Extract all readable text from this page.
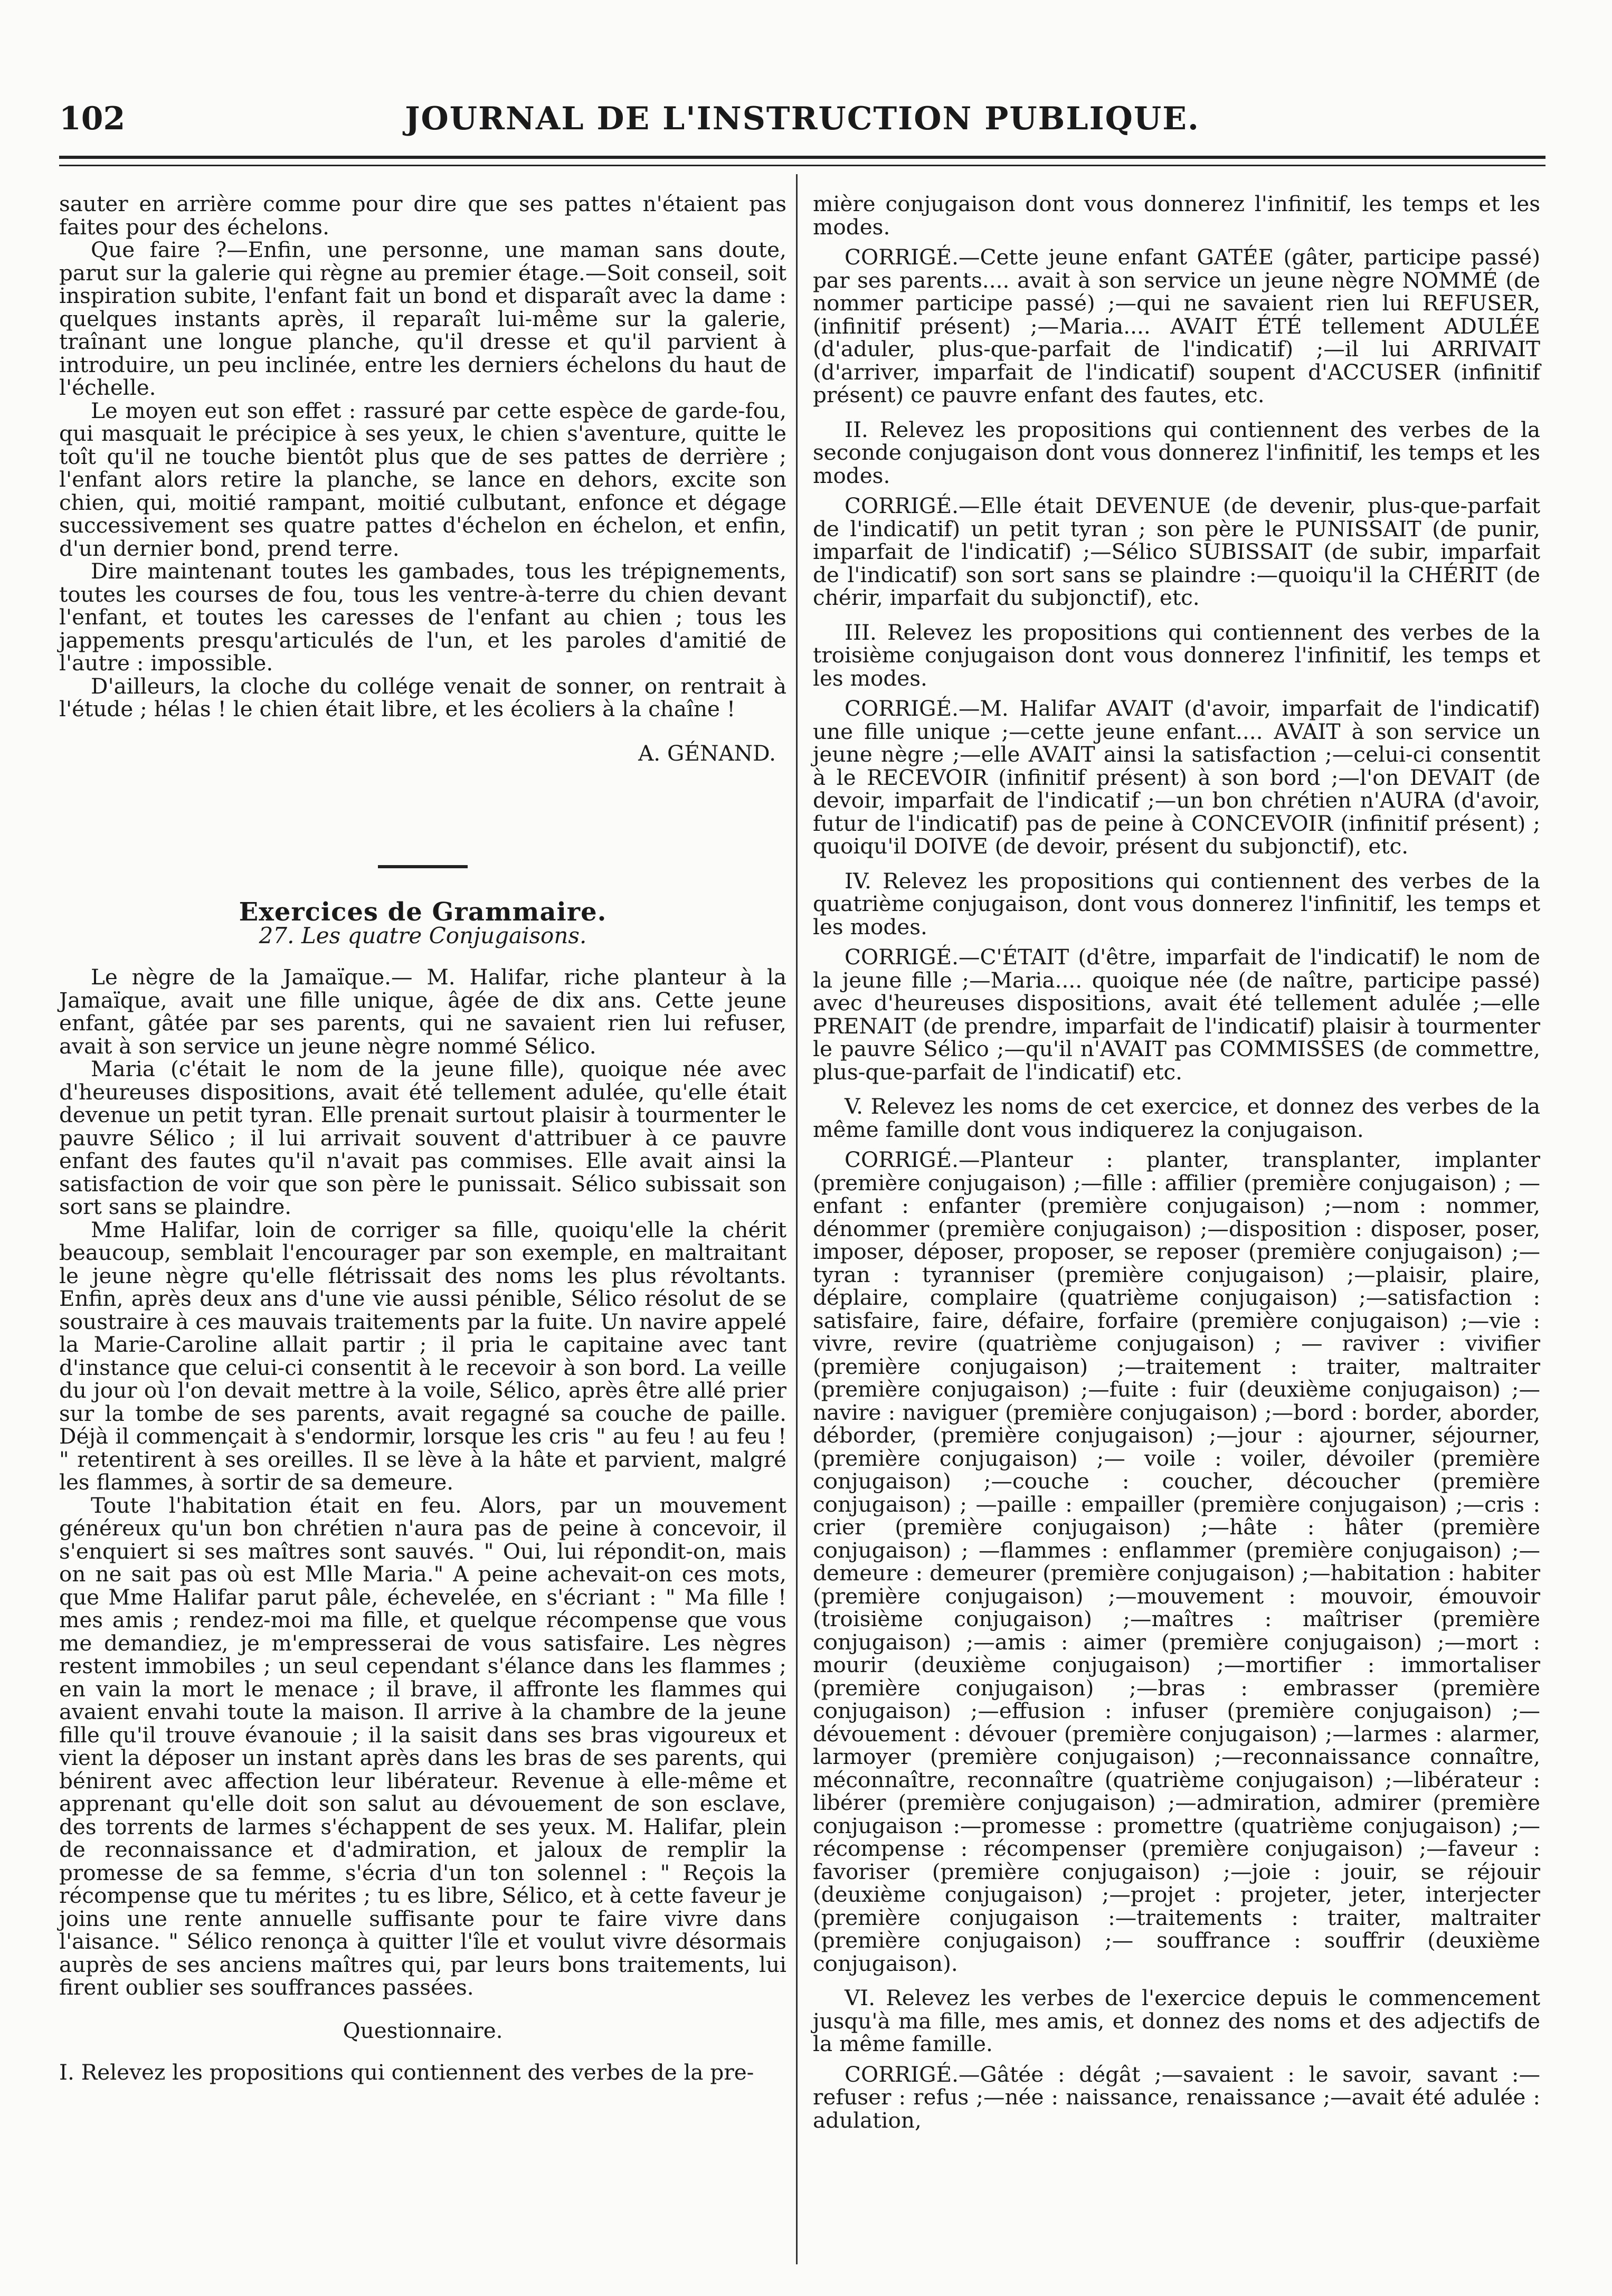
102	JOURNAL DE L'INSTRUCTION PUBLIQUE.

sauter en arrière comme pour dire que ses pattes n'étaient pas faites pour des échelons.

Que faire ?—Enfin, une personne, une maman sans doute, parut sur la galerie qui règne au premier étage.—Soit conseil, soit inspiration subite, l'enfant fait un bond et disparaît avec la dame : quelques instants après, il reparaît lui-même sur la galerie, traînant une longue planche, qu'il dresse et qu'il parvient à introduire, un peu inclinée, entre les derniers échelons du haut de l'échelle.

Le moyen eut son effet : rassuré par cette espèce de garde-fou, qui masquait le précipice à ses yeux, le chien s'aventure, quitte le toît qu'il ne touche bientôt plus que de ses pattes de derrière ; l'enfant alors retire la planche, se lance en dehors, excite son chien, qui, moitié rampant, moitié culbutant, enfonce et dégage successivement ses quatre pattes d'échelon en échelon, et enfin, d'un dernier bond, prend terre.

Dire maintenant toutes les gambades, tous les trépignements, toutes les courses de fou, tous les ventre-à-terre du chien devant l'enfant, et toutes les caresses de l'enfant au chien ; tous les jappements presqu'articulés de l'un, et les paroles d'amitié de l'autre : impossible.

D'ailleurs, la cloche du collége venait de sonner, on rentrait à l'étude ; hélas ! le chien était libre, et les écoliers à la chaîne !

A. GÉNAND.

Exercices de Grammaire.

27. Les quatre Conjugaisons.

Le nègre de la Jamaïque.— M. Halifar, riche planteur à la Jamaïque, avait une fille unique, âgée de dix ans. Cette jeune enfant, gâtée par ses parents, qui ne savaient rien lui refuser, avait à son service un jeune nègre nommé Sélico.

Maria (c'était le nom de la jeune fille), quoique née avec d'heureuses dispositions, avait été tellement adulée, qu'elle était devenue un petit tyran. Elle prenait surtout plaisir à tourmenter le pauvre Sélico ; il lui arrivait souvent d'attribuer à ce pauvre enfant des fautes qu'il n'avait pas commises. Elle avait ainsi la satisfaction de voir que son père le punissait. Sélico subissait son sort sans se plaindre.

Mme Halifar, loin de corriger sa fille, quoiqu'elle la chérit beaucoup, semblait l'encourager par son exemple, en maltraitant le jeune nègre qu'elle flétrissait des noms les plus révoltants. Enfin, après deux ans d'une vie aussi pénible, Sélico résolut de se soustraire à ces mauvais traitements par la fuite. Un navire appelé la Marie-Caroline allait partir ; il pria le capitaine avec tant d'instance que celui-ci consentit à le recevoir à son bord. La veille du jour où l'on devait mettre à la voile, Sélico, après être allé prier sur la tombe de ses parents, avait regagné sa couche de paille. Déjà il commençait à s'endormir, lorsque les cris " au feu ! au feu ! " retentirent à ses oreilles. Il se lève à la hâte et parvient, malgré les flammes, à sortir de sa demeure.

Toute l'habitation était en feu. Alors, par un mouvement généreux qu'un bon chrétien n'aura pas de peine à concevoir, il s'enquiert si ses maîtres sont sauvés. " Oui, lui répondit-on, mais on ne sait pas où est Mlle Maria." A peine achevait-on ces mots, que Mme Halifar parut pâle, échevelée, en s'écriant : " Ma fille ! mes amis ; rendez-moi ma fille, et quelque récompense que vous me demandiez, je m'empresserai de vous satisfaire. Les nègres restent immobiles ; un seul cependant s'élance dans les flammes ; en vain la mort le menace ; il brave, il affronte les flammes qui avaient envahi toute la maison. Il arrive à la chambre de la jeune fille qu'il trouve évanouie ; il la saisit dans ses bras vigoureux et vient la déposer un instant après dans les bras de ses parents, qui bénirent avec affection leur libérateur. Revenue à elle-même et apprenant qu'elle doit son salut au dévouement de son esclave, des torrents de larmes s'échappent de ses yeux. M. Halifar, plein de reconnaissance et d'admiration, et jaloux de remplir la promesse de sa femme, s'écria d'un ton solennel : " Reçois la récompense que tu mérites ; tu es libre, Sélico, et à cette faveur je joins une rente annuelle suffisante pour te faire vivre dans l'aisance. " Sélico renonça à quitter l'île et voulut vivre désormais auprès de ses anciens maîtres qui, par leurs bons traitements, lui firent oublier ses souffrances passées.

Questionnaire.

I. Relevez les propositions qui contiennent des verbes de la pre-

mière conjugaison dont vous donnerez l'infinitif, les temps et les modes.

CORRIGÉ.—Cette jeune enfant GATÉE (gâter, participe passé) par ses parents.... avait à son service un jeune nègre NOMMÉ (de nommer participe passé) ;—qui ne savaient rien lui REFUSER, (infinitif présent) ;—Maria.... AVAIT ÉTÉ tellement ADULÉE (d'aduler, plus-que-parfait de l'indicatif) ;—il lui ARRIVAIT (d'arriver, imparfait de l'indicatif) soupent d'ACCUSER (infinitif présent) ce pauvre enfant des fautes, etc.

II. Relevez les propositions qui contiennent des verbes de la seconde conjugaison dont vous donnerez l'infinitif, les temps et les modes.

CORRIGÉ.—Elle était DEVENUE (de devenir, plus-que-parfait de l'indicatif) un petit tyran ; son père le PUNISSAIT (de punir, imparfait de l'indicatif) ;—Sélico SUBISSAIT (de subir, imparfait de l'indicatif) son sort sans se plaindre :—quoiqu'il la CHÉRIT (de chérir, imparfait du subjonctif), etc.

III. Relevez les propositions qui contiennent des verbes de la troisième conjugaison dont vous donnerez l'infinitif, les temps et les modes.

CORRIGÉ.—M. Halifar AVAIT (d'avoir, imparfait de l'indicatif) une fille unique ;—cette jeune enfant.... AVAIT à son service un jeune nègre ;—elle AVAIT ainsi la satisfaction ;—celui-ci consentit à le RECEVOIR (infinitif présent) à son bord ;—l'on DEVAIT (de devoir, imparfait de l'indicatif ;—un bon chrétien n'AURA (d'avoir, futur de l'indicatif) pas de peine à CONCEVOIR (infinitif présent) ; quoiqu'il DOIVE (de devoir, présent du subjonctif), etc.

IV. Relevez les propositions qui contiennent des verbes de la quatrième conjugaison, dont vous donnerez l'infinitif, les temps et les modes.

CORRIGÉ.—C'ÉTAIT (d'être, imparfait de l'indicatif) le nom de la jeune fille ;—Maria.... quoique née (de naître, participe passé) avec d'heureuses dispositions, avait été tellement adulée ;—elle PRENAIT (de prendre, imparfait de l'indicatif) plaisir à tourmenter le pauvre Sélico ;—qu'il n'AVAIT pas COMMISSES (de commettre, plus-que-parfait de l'indicatif) etc.

V. Relevez les noms de cet exercice, et donnez des verbes de la même famille dont vous indiquerez la conjugaison.

CORRIGÉ.—Planteur : planter, transplanter, implanter (première conjugaison) ;—fille : affilier (première conjugaison) ; —enfant : enfanter (première conjugaison) ;—nom : nommer, dénommer (première conjugaison) ;—disposition : disposer, poser, imposer, déposer, proposer, se reposer (première conjugaison) ;—tyran : tyranniser (première conjugaison) ;—plaisir, plaire, déplaire, complaire (quatrième conjugaison) ;—satisfaction : satisfaire, faire, défaire, forfaire (première conjugaison) ;—vie : vivre, revire (quatrième conjugaison) ; — raviver : vivifier (première conjugaison) ;—traitement : traiter, maltraiter (première conjugaison) ;—fuite : fuir (deuxième conjugaison) ;—navire : naviguer (première conjugaison) ;—bord : border, aborder, déborder, (première conjugaison) ;—jour : ajourner, séjourner, (première conjugaison) ;— voile : voiler, dévoiler (première conjugaison) ;—couche : coucher, découcher (première conjugaison) ; —paille : empailler (première conjugaison) ;—cris : crier (première conjugaison) ;—hâte : hâter (première conjugaison) ; —flammes : enflammer (première conjugaison) ;—demeure : demeurer (première conjugaison) ;—habitation : habiter (première conjugaison) ;—mouvement : mouvoir, émouvoir (troisième conjugaison) ;—maîtres : maîtriser (première conjugaison) ;—amis : aimer (première conjugaison) ;—mort : mourir (deuxième conjugaison) ;—mortifier : immortaliser (première conjugaison) ;—bras : embrasser (première conjugaison) ;—effusion : infuser (première conjugaison) ;—dévouement : dévouer (première conjugaison) ;—larmes : alarmer, larmoyer (première conjugaison) ;—reconnaissance connaître, méconnaître, reconnaître (quatrième conjugaison) ;—libérateur : libérer (première conjugaison) ;—admiration, admirer (première conjugaison :—promesse : promettre (quatrième conjugaison) ;—récompense : récompenser (première conjugaison) ;—faveur : favoriser (première conjugaison) ;—joie : jouir, se réjouir (deuxième conjugaison) ;—projet : projeter, jeter, interjecter (première conjugaison :—traitements : traiter, maltraiter (première conjugaison) ;— souffrance : souffrir (deuxième conjugaison).

VI. Relevez les verbes de l'exercice depuis le commencement jusqu'à ma fille, mes amis, et donnez des noms et des adjectifs de la même famille.

CORRIGÉ.—Gâtée : dégât ;—savaient : le savoir, savant :—refuser : refus ;—née : naissance, renaissance ;—avait été adulée : adulation,
